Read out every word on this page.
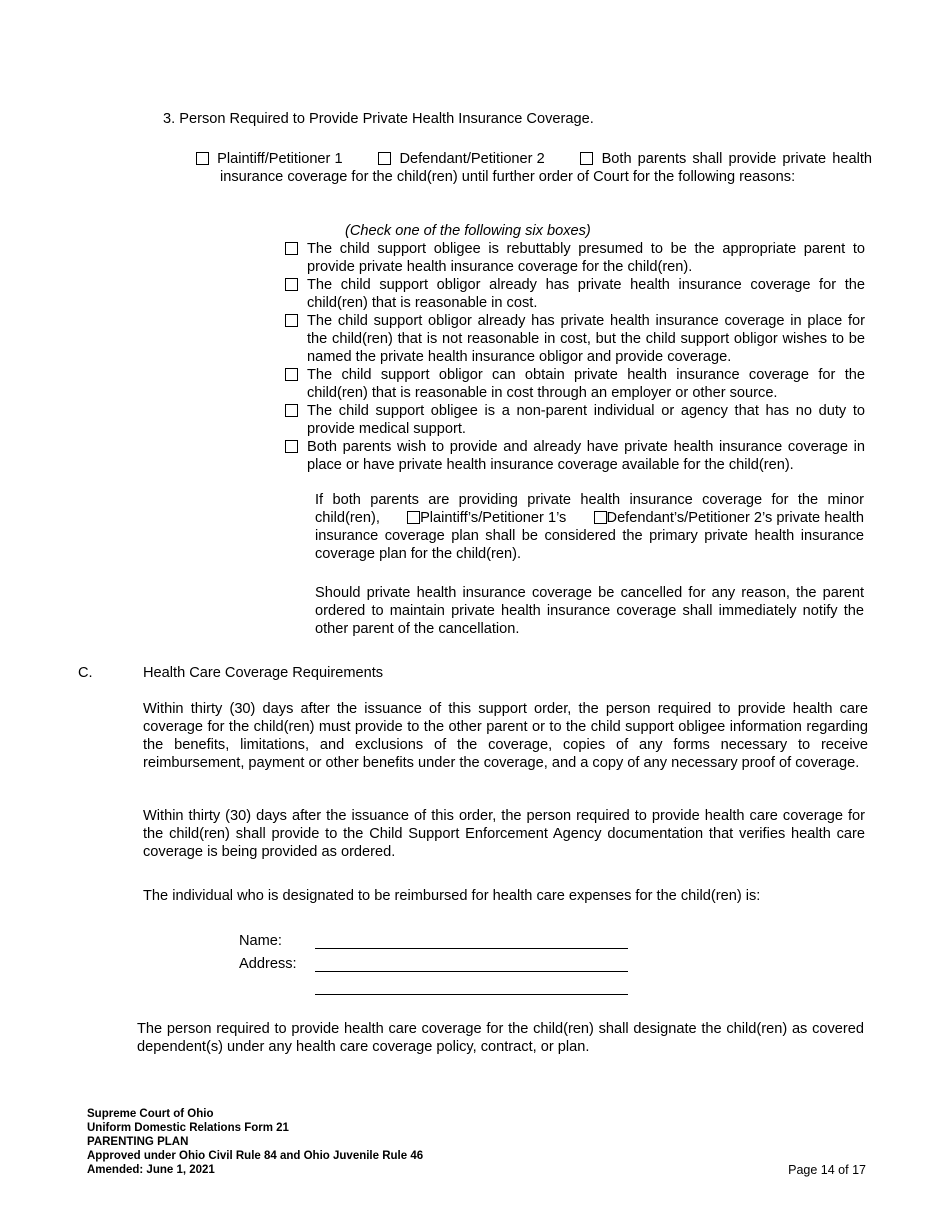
3. Person Required to Provide Private Health Insurance Coverage.
Plaintiff/Petitioner 1	Defendant/Petitioner 2	Both parents shall provide private health
insurance coverage for the child(ren) until further order of Court for the following reasons:
(Check one of the following six boxes)
The child support obligee is rebuttably presumed to be the appropriate parent to provide private health insurance coverage for the child(ren).
The child support obligor already has private health insurance coverage for the child(ren) that is reasonable in cost.
The child support obligor already has private health insurance coverage in place for the child(ren) that is not reasonable in cost, but the child support obligor wishes to be named the private health insurance obligor and provide coverage.
The child support obligor can obtain private health insurance coverage for the child(ren) that is reasonable in cost through an employer or other source.
The child support obligee is a non-parent individual or agency that has no duty to provide medical support.
Both parents wish to provide and already have private health insurance coverage in place or have private health insurance coverage available for the child(ren).
If both parents are providing private health insurance coverage for the minor
child(ren),	Plaintiff’s/Petitioner 1’s	Defendant’s/Petitioner 2’s private health
insurance coverage plan shall be considered the primary private health insurance coverage plan for the child(ren).
Should private health insurance coverage be cancelled for any reason, the parent ordered to maintain private health insurance coverage shall immediately notify the other parent of the cancellation.
C.	Health Care Coverage Requirements
Within thirty (30) days after the issuance of this support order, the person required to provide health care coverage for the child(ren) must provide to the other parent or to the child support obligee information regarding the benefits, limitations, and exclusions of the coverage, copies of any forms necessary to receive reimbursement, payment or other benefits under the coverage, and a copy of any necessary proof of coverage.
Within thirty (30) days after the issuance of this order, the person required to provide health care coverage for the child(ren) shall provide to the Child Support Enforcement Agency documentation that verifies health care coverage is being provided as ordered.
The individual who is designated to be reimbursed for health care expenses for the child(ren) is:
Name:
Address:
The person required to provide health care coverage for the child(ren) shall designate the child(ren) as covered dependent(s) under any health care coverage policy, contract, or plan.
Supreme Court of Ohio
Uniform Domestic Relations Form 21
PARENTING PLAN
Approved under Ohio Civil Rule 84 and Ohio Juvenile Rule 46
Amended: June 1, 2021	Page 14 of 17
